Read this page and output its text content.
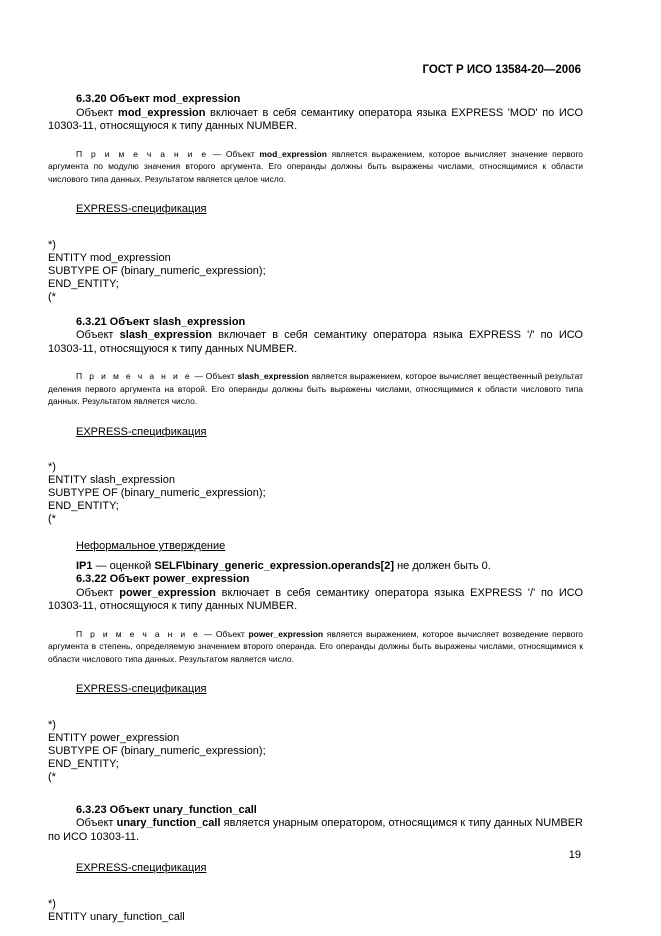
ГОСТ Р ИСО 13584-20—2006

6.3.20 Объект mod_expression

Объект mod_expression включает в себя семантику оператора языка EXPRESS 'MOD' по ИСО 10303-11, относящуюся к типу данных NUMBER.

П р и м е ч а н и е — Объект mod_expression является выражением, которое вычисляет значение первого аргумента по модулю значения второго аргумента. Его операнды должны быть выражены числами, относящимися к области числового типа данных. Результатом является целое число.

EXPRESS-спецификация

*)
ENTITY mod_expression
SUBTYPE OF (binary_numeric_expression);
END_ENTITY;
(*

6.3.21 Объект slash_expression

Объект slash_expression включает в себя семантику оператора языка EXPRESS '/' по ИСО 10303-11, относящуюся к типу данных NUMBER.

П р и м е ч а н и е — Объект slash_expression является выражением, которое вычисляет вещественный результат деления первого аргумента на второй. Его операнды должны быть выражены числами, относящимися к области числового типа данных. Результатом является число.

EXPRESS-спецификация

*)
ENTITY slash_expression
SUBTYPE OF (binary_numeric_expression);
END_ENTITY;
(*

Неформальное утверждение

IP1 — оценкой SELF\binary_generic_expression.operands[2] не должен быть 0.

6.3.22 Объект power_expression

Объект power_expression включает в себя семантику оператора языка EXPRESS '/' по ИСО 10303-11, относящуюся к типу данных NUMBER.

П р и м е ч а н и е — Объект power_expression является выражением, которое вычисляет возведение первого аргумента в степень, определяемую значением второго операнда. Его операнды должны быть выражены числами, относящимися к области числового типа данных. Результатом является число.

EXPRESS-спецификация

*)
ENTITY power_expression
SUBTYPE OF (binary_numeric_expression);
END_ENTITY;
(*

6.3.23 Объект unary_function_call

Объект unary_function_call является унарным оператором, относящимся к типу данных NUMBER по ИСО 10303-11.

EXPRESS-спецификация

*)
ENTITY unary_function_call
19
